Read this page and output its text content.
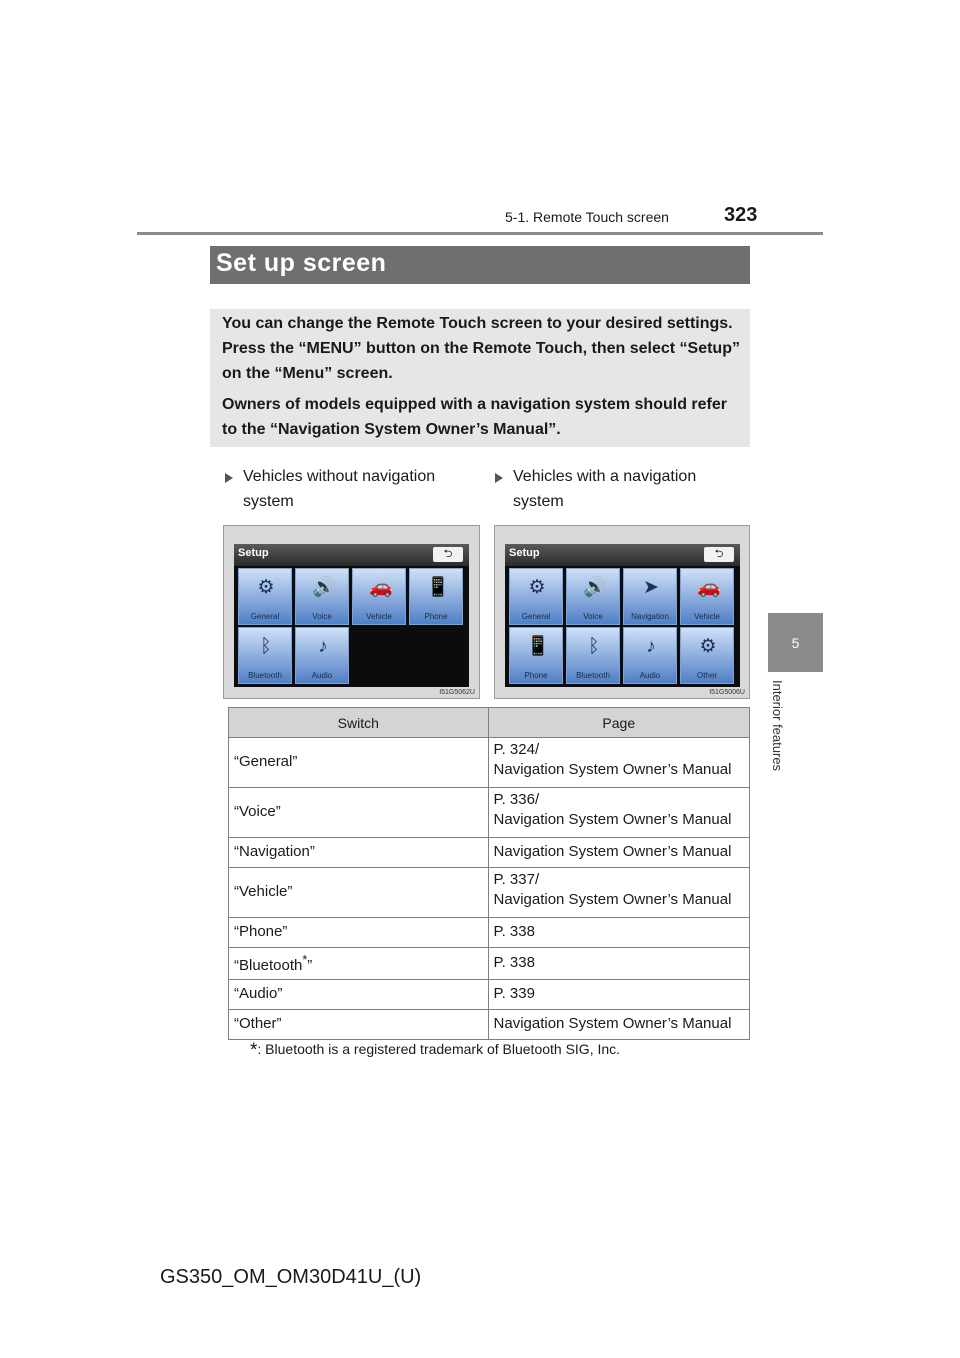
5-1. Remote Touch screen	323
5
Interior features
Set up screen

You can change the Remote Touch screen to your desired settings. Press the “MENU” button on the Remote Touch, then select “Setup” on the “Menu” screen.

Owners of models equipped with a navigation system should refer to the “Navigation System Owner’s Manual”.

Vehicles without navigation system
Vehicles with a navigation system
Setup	⮌
⚙
General
🔊
Voice
🚗
Vehicle
📱
Phone
ᛒ
Bluetooth
♪
Audio
I51G5062U
Setup	⮌
⚙
General
🔊
Voice
➤
Navigation
🚗
Vehicle
📱
Phone
ᛒ
Bluetooth
♪
Audio
⚙
Other
I51G5006U
Switch	Page
“General”	P. 324/
Navigation System Owner’s Manual
“Voice”	P. 336/
Navigation System Owner’s Manual
“Navigation”	Navigation System Owner’s Manual
“Vehicle”	P. 337/
Navigation System Owner’s Manual
“Phone”	P. 338
“Bluetooth*”	P. 338
“Audio”	P. 339
“Other”	Navigation System Owner’s Manual
*: Bluetooth is a registered trademark of Bluetooth SIG, Inc.
GS350_OM_OM30D41U_(U)
